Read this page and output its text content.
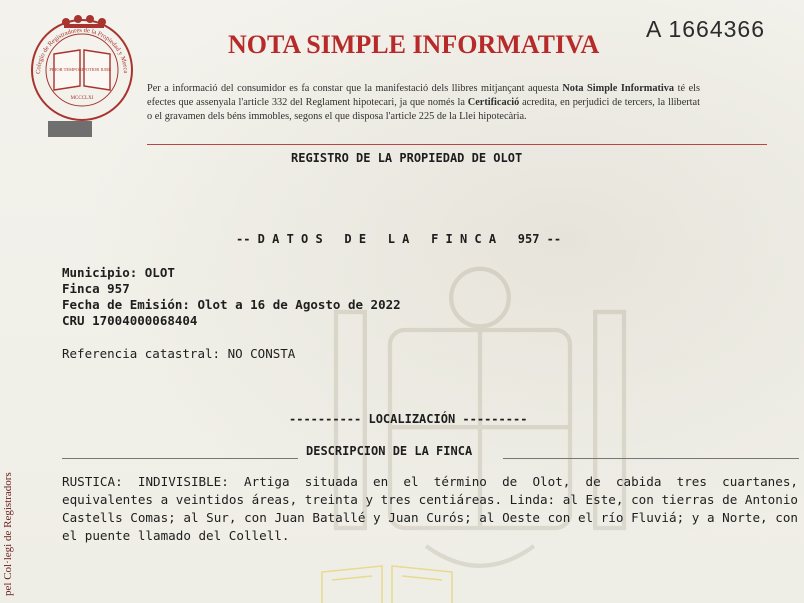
PRIOR TEMPORE
POTIOR IURE
MCCCLXI
Colegio de Registradores de la Propiedad y Merca
NOTA SIMPLE INFORMATIVA
A 1664366
Per a informació del consumidor es fa constar que la manifestació dels llibres mitjançant aquesta Nota Simple Informativa té els efectes que assenyala l'article 332 del Reglament hipotecari, ja que només la Certificació acredita, en perjudici de tercers, la llibertat o el gravamen dels béns immobles, segons el que disposa l'article 225 de la Llei hipotecària.
REGISTRO DE LA PROPIEDAD DE OLOT
-- D A T O S   D E   L A   F I N C A   957 --
Municipio: OLOT
Finca 957
Fecha de Emisión: Olot a 16 de Agosto de 2022
CRU 17004000068404
Referencia catastral: NO CONSTA
---------- LOCALIZACIÓN ---------
DESCRIPCION DE LA FINCA
RUSTICA: INDIVISIBLE: Artiga situada en el término de Olot, de cabida tres cuartanes, equivalentes a veintidos áreas, treinta y tres centiáreas. Linda: al Este, con tierras de Antonio Castells Comas; al Sur, con Juan Batallé y Juan Curós; al Oeste con el río Fluviá; y a Norte, con el puente llamado del Collell.
pel Col·legi de Registradors
